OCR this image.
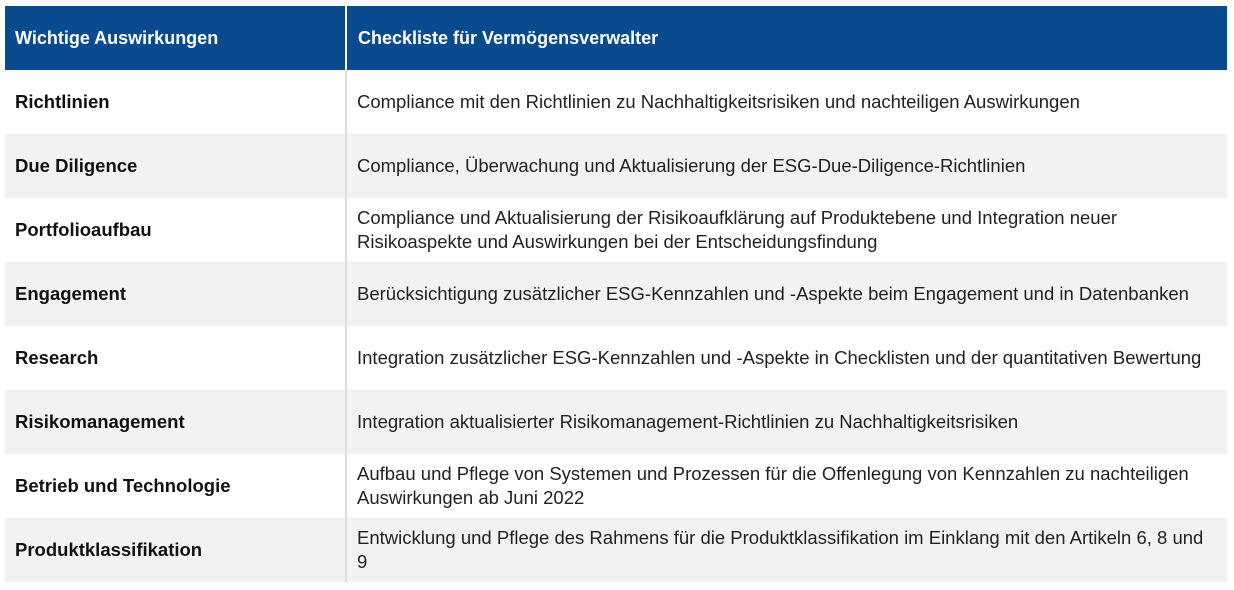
Wichtige Auswirkungen	Checkliste für Vermögensverwalter
Richtlinien	Compliance mit den Richtlinien zu Nachhaltigkeitsrisiken und nachteiligen Auswirkungen
Due Diligence	Compliance, Überwachung und Aktualisierung der ESG-Due-Diligence-Richtlinien
Portfolioaufbau	Compliance und Aktualisierung der Risikoaufklärung auf Produktebene und Integration neuer Risikoaspekte und Auswirkungen bei der Entscheidungsfindung
Engagement	Berücksichtigung zusätzlicher ESG-Kennzahlen und -Aspekte beim Engagement und in Datenbanken
Research	Integration zusätzlicher ESG-Kennzahlen und -Aspekte in Checklisten und der quantitativen Bewertung
Risikomanagement	Integration aktualisierter Risikomanagement-Richtlinien zu Nachhaltigkeitsrisiken
Betrieb und Technologie	Aufbau und Pflege von Systemen und Prozessen für die Offenlegung von Kennzahlen zu nachteiligen Auswirkungen ab Juni 2022
Produktklassifikation	Entwicklung und Pflege des Rahmens für die Produktklassifikation im Einklang mit den Artikeln 6, 8 und 9
